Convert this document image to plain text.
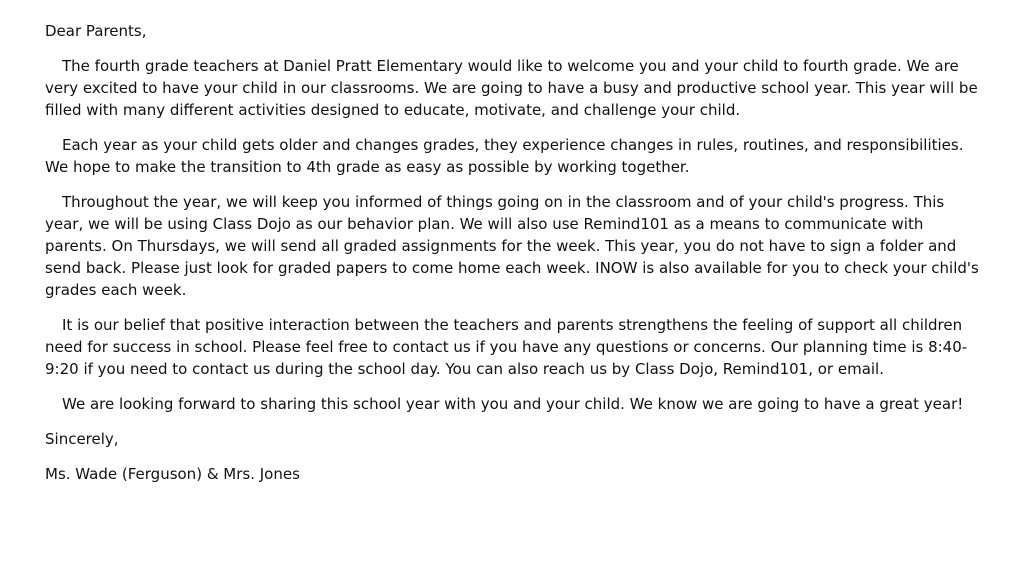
Dear Parents,

The fourth grade teachers at Daniel Pratt Elementary would like to welcome you and your child to fourth grade. We are very excited to have your child in our classrooms. We are going to have a busy and productive school year. This year will be filled with many different activities designed to educate, motivate, and challenge your child.

Each year as your child gets older and changes grades, they experience changes in rules, routines, and responsibilities. We hope to make the transition to 4th grade as easy as possible by working together.

Throughout the year, we will keep you informed of things going on in the classroom and of your child's progress. This year, we will be using Class Dojo as our behavior plan. We will also use Remind101 as a means to communicate with parents. On Thursdays, we will send all graded assignments for the week. This year, you do not have to sign a folder and send back. Please just look for graded papers to come home each week. INOW is also available for you to check your child's grades each week.

It is our belief that positive interaction between the teachers and parents strengthens the feeling of support all children need for success in school. Please feel free to contact us if you have any questions or concerns. Our planning time is 8:40-9:20 if you need to contact us during the school day. You can also reach us by Class Dojo, Remind101, or email.

We are looking forward to sharing this school year with you and your child. We know we are going to have a great year!

Sincerely,

Ms. Wade (Ferguson) & Mrs. Jones
